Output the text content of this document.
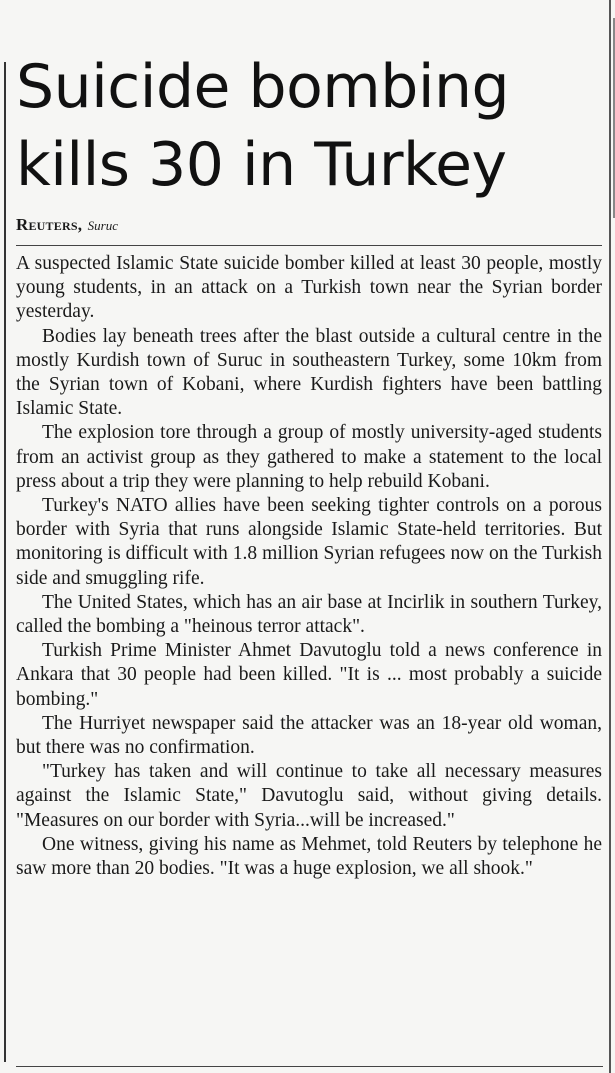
Suicide bombing kills 30 in Turkey
Reuters, Suruc

A suspected Islamic State suicide bomber killed at least 30 people, mostly young students, in an attack on a Turkish town near the Syrian border yesterday.

Bodies lay beneath trees after the blast outside a cultural centre in the mostly Kurdish town of Suruc in southeastern Turkey, some 10km from the Syrian town of Kobani, where Kurdish fighters have been battling Islamic State.

The explosion tore through a group of mostly university-aged students from an activist group as they gathered to make a statement to the local press about a trip they were planning to help rebuild Kobani.

Turkey's NATO allies have been seeking tighter controls on a porous border with Syria that runs alongside Islamic State-held territories. But monitoring is difficult with 1.8 million Syrian refugees now on the Turkish side and smuggling rife.

The United States, which has an air base at Incirlik in southern Turkey, called the bombing a "heinous terror attack".

Turkish Prime Minister Ahmet Davutoglu told a news conference in Ankara that 30 people had been killed. "It is ... most probably a suicide bombing."

The Hurriyet newspaper said the attacker was an 18-year old woman, but there was no confirmation.

"Turkey has taken and will continue to take all necessary measures against the Islamic State," Davutoglu said, without giving details. "Measures on our border with Syria...will be increased."

One witness, giving his name as Mehmet, told Reuters by telephone he saw more than 20 bodies. "It was a huge explosion, we all shook."
